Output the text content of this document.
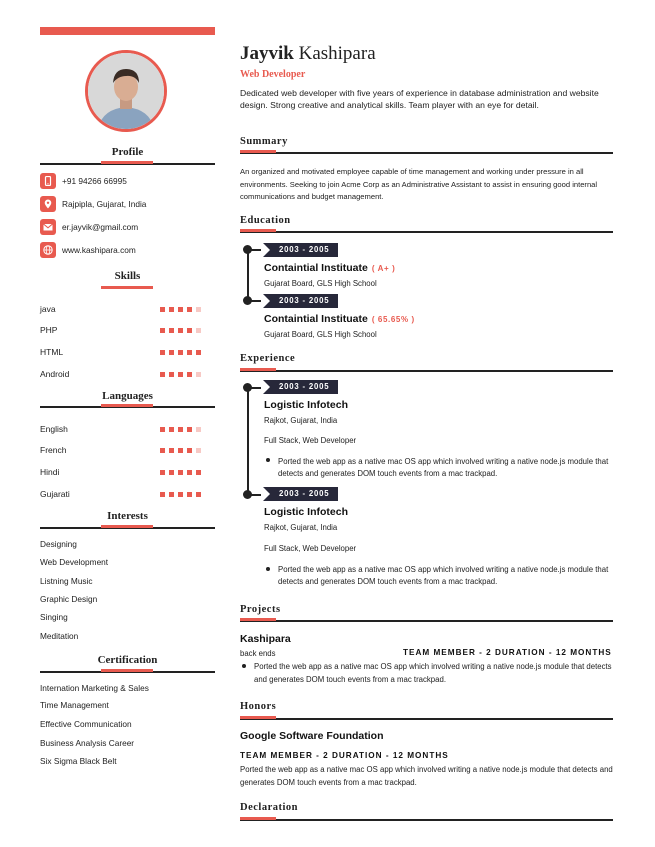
Profile
+91 94266 66995
Rajpipla, Gujarat, India
er.jayvik@gmail.com
www.kashipara.com
Skills
java
PHP
HTML
Android
Languages
English
French
Hindi
Gujarati
Interests
Designing
Web Development
Listning Music
Graphic Design
Singing
Meditation
Certification
Internation Marketing & Sales
Time Management
Effective Communication
Business Analysis Career
Six Sigma Black Belt
Jayvik Kashipara
Web Developer
Dedicated web developer with five years of experience in database administration and website design. Strong creative and analytical skills. Team player with an eye for detail.
Summary
An organized and motivated employee capable of time management and working under pressure in all environments. Seeking to join Acme Corp as an Administrative Assistant to assist in ensuring good internal communications and budget management.
Education
2003 - 2005
Containtial Instituate ( A+ )
Gujarat Board, GLS High School
2003 - 2005
Containtial Instituate ( 65.65% )
Gujarat Board, GLS High School
Experience
2003 - 2005
Logistic Infotech
Rajkot, Gujarat, India
Full Stack, Web Developer
Ported the web app as a native mac OS app which involved writing a native node.js module that detects and generates DOM touch events from a mac trackpad.
2003 - 2005
Logistic Infotech
Rajkot, Gujarat, India
Full Stack, Web Developer
Ported the web app as a native mac OS app which involved writing a native node.js module that detects and generates DOM touch events from a mac trackpad.
Projects
Kashipara
back ends	TEAM MEMBER - 2 DURATION - 12 MONTHS
Ported the web app as a native mac OS app which involved writing a native node.js module that detects and generates DOM touch events from a mac trackpad.
Honors
Google Software Foundation
TEAM MEMBER - 2 DURATION - 12 MONTHS
Ported the web app as a native mac OS app which involved writing a native node.js module that detects and generates DOM touch events from a mac trackpad.
Declaration
